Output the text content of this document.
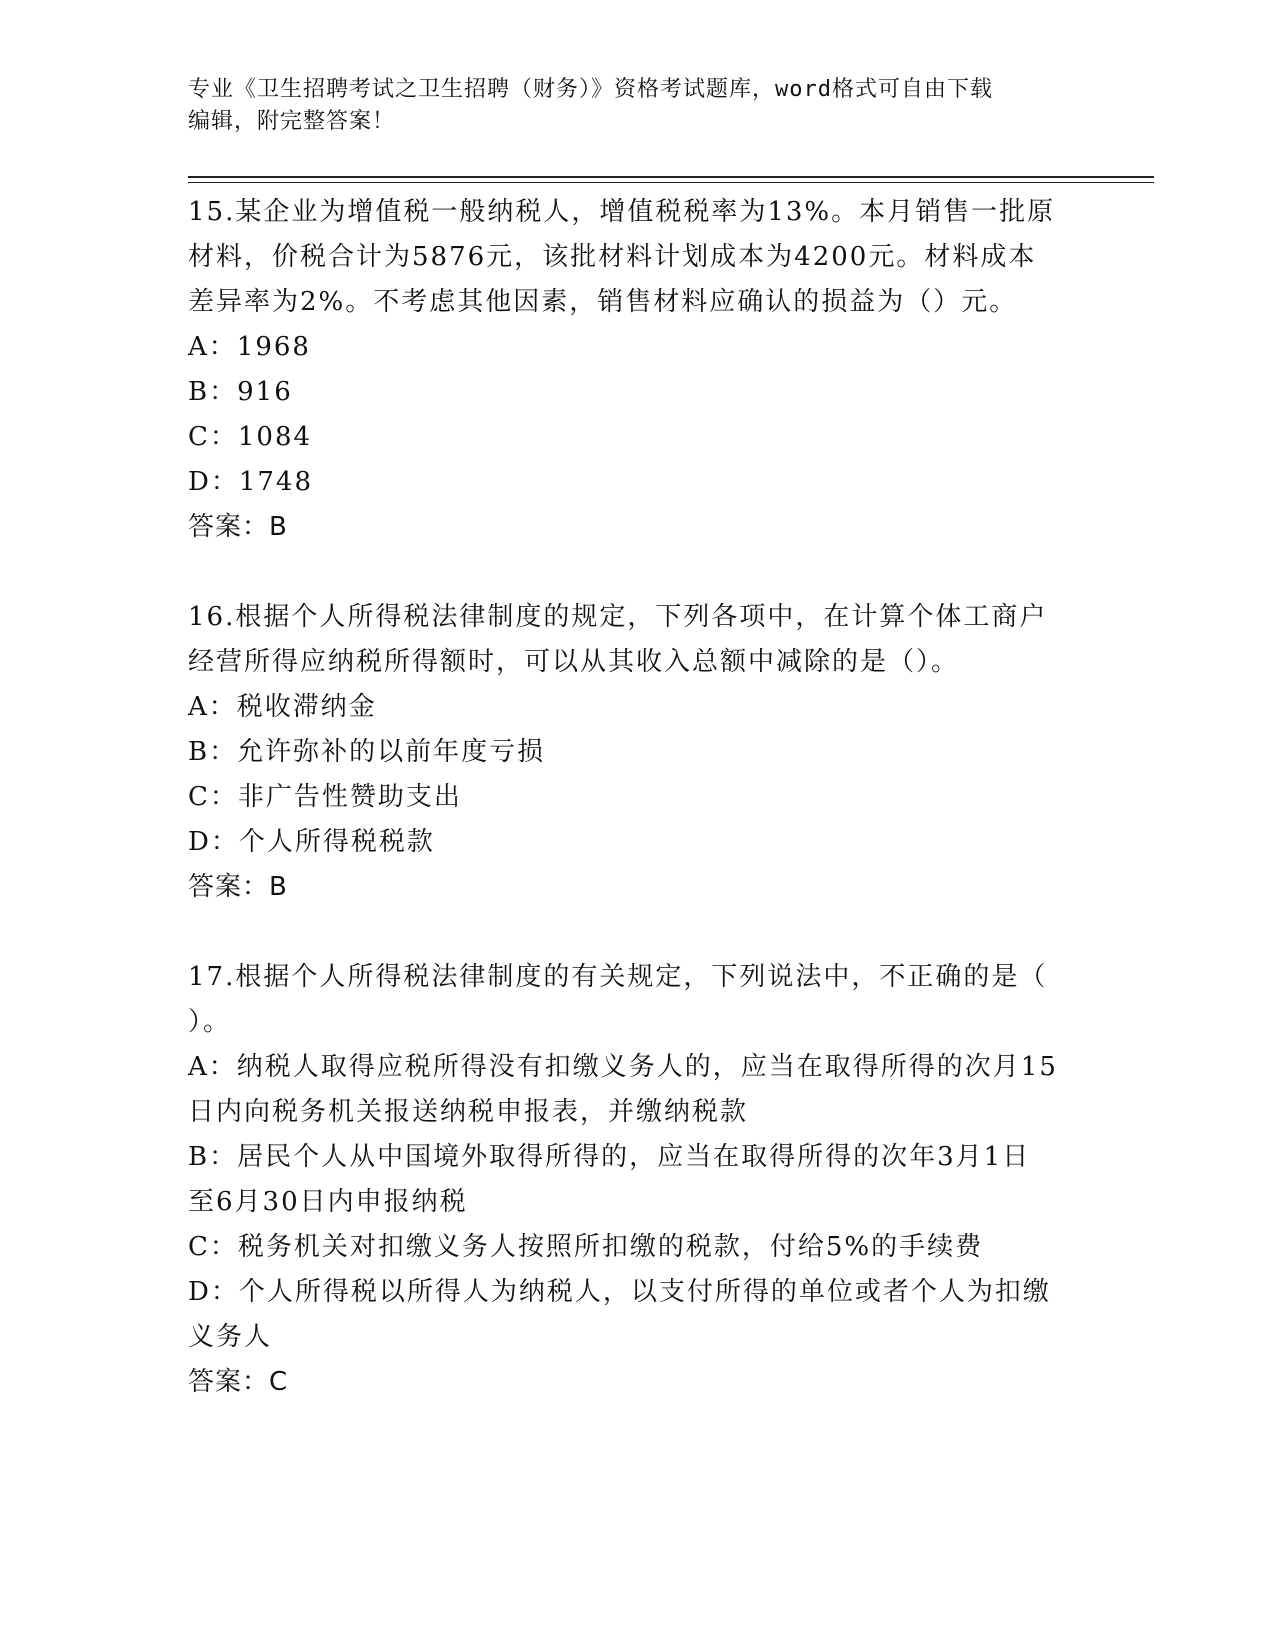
专业《卫生招聘考试之卫生招聘（财务）》资格考试题库，word格式可自由下载
编辑，附完整答案！

15.某企业为增值税一般纳税人，增值税税率为13%。本月销售一批原

材料，价税合计为5876元，该批材料计划成本为4200元。材料成本

差异率为2%。不考虑其他因素，销售材料应确认的损益为（）元。

A：1968

B：916

C：1084

D：1748

答案：B

16.根据个人所得税法律制度的规定，下列各项中，在计算个体工商户

经营所得应纳税所得额时，可以从其收入总额中减除的是（）。

A：税收滞纳金

B：允许弥补的以前年度亏损

C：非广告性赞助支出

D：个人所得税税款

答案：B

17.根据个人所得税法律制度的有关规定，下列说法中，不正确的是（

）。

A：纳税人取得应税所得没有扣缴义务人的，应当在取得所得的次月15

日内向税务机关报送纳税申报表，并缴纳税款

B：居民个人从中国境外取得所得的，应当在取得所得的次年3月1日

至6月30日内申报纳税

C：税务机关对扣缴义务人按照所扣缴的税款，付给5%的手续费

D：个人所得税以所得人为纳税人，以支付所得的单位或者个人为扣缴

义务人

答案：C
